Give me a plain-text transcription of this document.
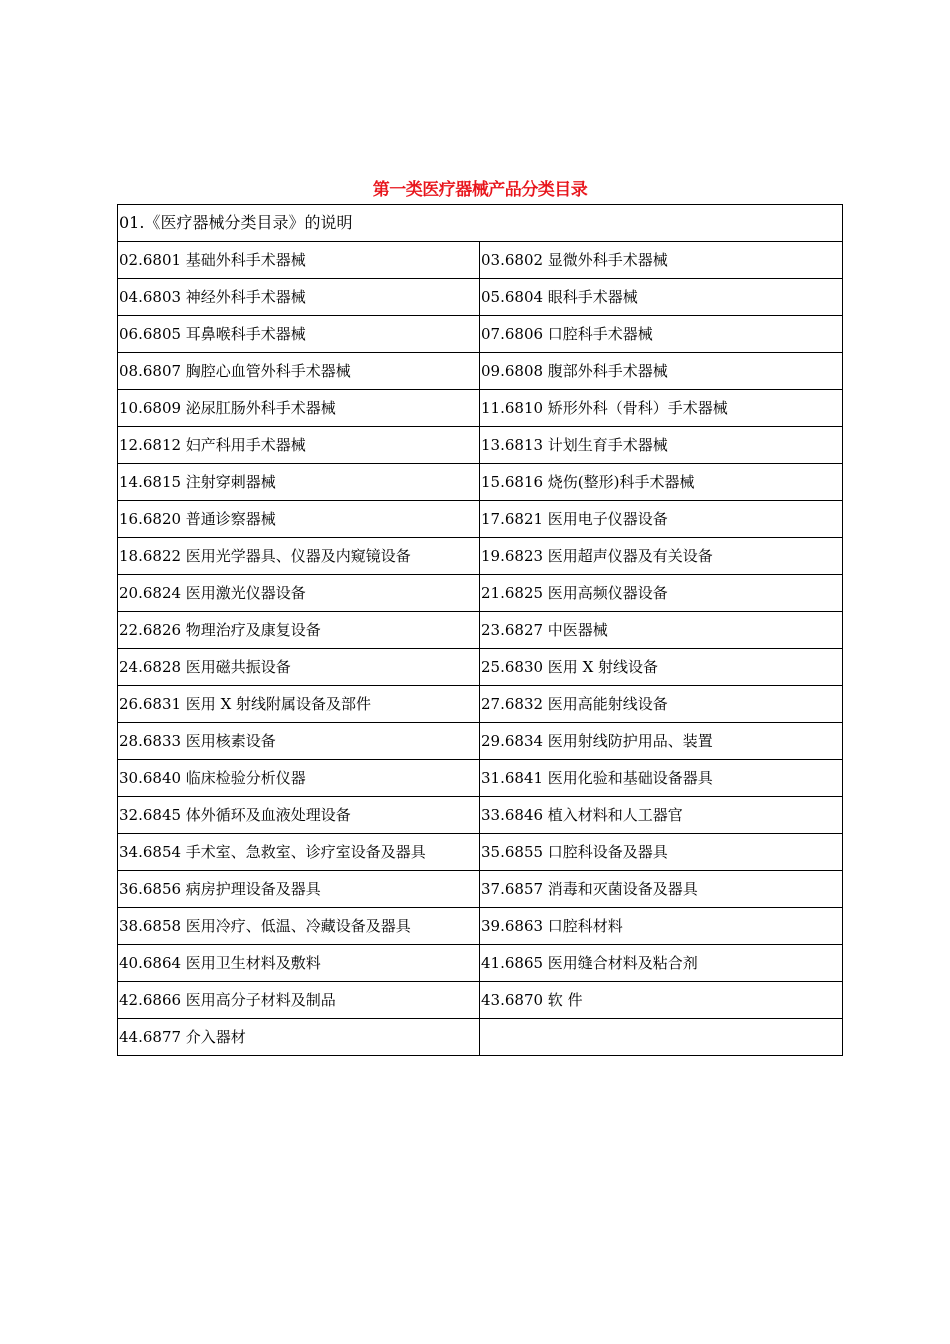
第一类医疗器械产品分类目录
01.《医疗器械分类目录》的说明	
02.6801 基础外科手术器械	03.6802 显微外科手术器械
04.6803 神经外科手术器械	05.6804 眼科手术器械
06.6805 耳鼻喉科手术器械	07.6806 口腔科手术器械
08.6807 胸腔心血管外科手术器械	09.6808 腹部外科手术器械
10.6809 泌尿肛肠外科手术器械	11.6810 矫形外科（骨科）手术器械
12.6812 妇产科用手术器械	13.6813 计划生育手术器械
14.6815 注射穿刺器械	15.6816 烧伤(整形)科手术器械
16.6820 普通诊察器械	17.6821 医用电子仪器设备
18.6822 医用光学器具、仪器及内窥镜设备	19.6823 医用超声仪器及有关设备
20.6824 医用激光仪器设备	21.6825 医用高频仪器设备
22.6826 物理治疗及康复设备	23.6827 中医器械
24.6828 医用磁共振设备	25.6830 医用 X 射线设备
26.6831 医用 X 射线附属设备及部件	27.6832 医用高能射线设备
28.6833 医用核素设备	29.6834 医用射线防护用品、装置
30.6840 临床检验分析仪器	31.6841 医用化验和基础设备器具
32.6845 体外循环及血液处理设备	33.6846 植入材料和人工器官
34.6854 手术室、急救室、诊疗室设备及器具	35.6855 口腔科设备及器具
36.6856 病房护理设备及器具	37.6857 消毒和灭菌设备及器具
38.6858 医用冷疗、低温、冷藏设备及器具	39.6863 口腔科材料
40.6864 医用卫生材料及敷料	41.6865 医用缝合材料及粘合剂
42.6866 医用高分子材料及制品	43.6870 软 件
44.6877 介入器材	
